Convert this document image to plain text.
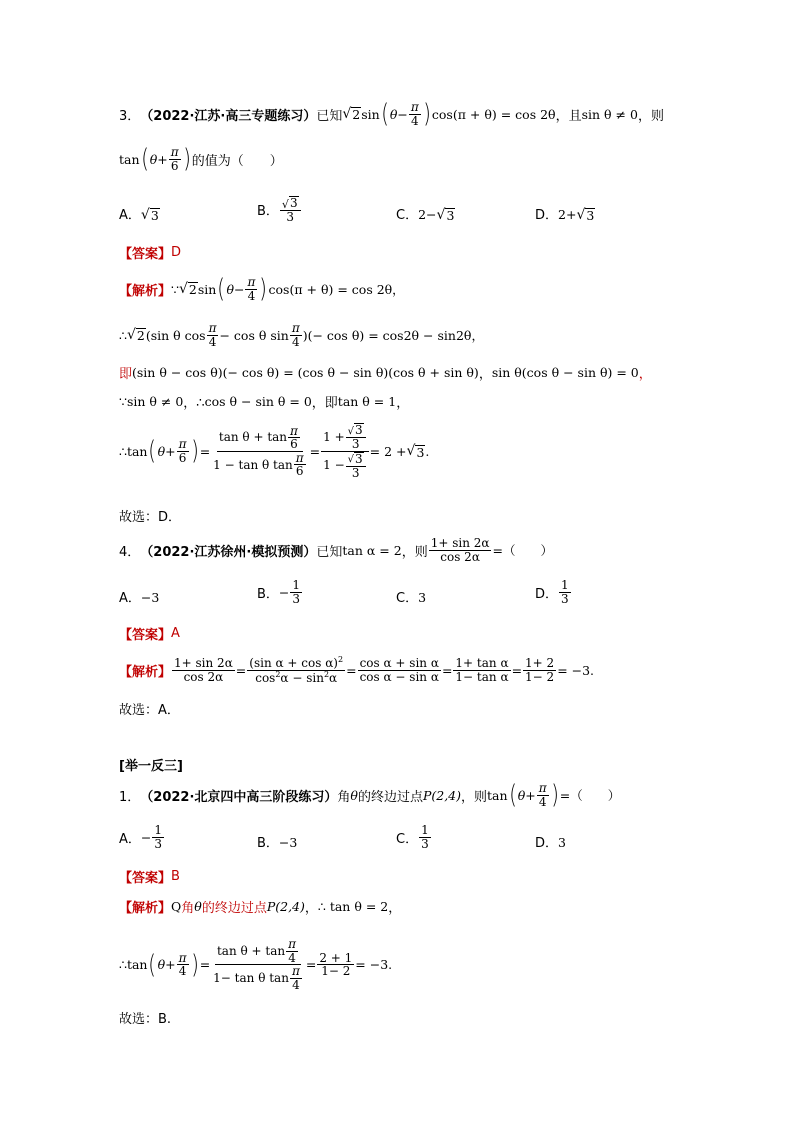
3． （2022·江苏·高三专题练习） 已知 √ 2 sin ( $\theta- \frac{\pi}{4}$ ) cos(π + θ) = cos 2θ ，且 sin θ ≠ 0 ，则
tan ( $\theta+ \frac{\pi}{6}$ ) 的值为（　　）
A． √ 3	B． $\frac{√ 3}{3}$	C．2− √ 3	D．2+ √ 3
【答案】 D
【解析】 ∵ √ 2 sin ( $\theta- \frac{\pi}{4}$ ) cos(π + θ) = cos 2θ，
∴ √ 2 (sin θ $\cos \frac{\pi}{4} - \cos \theta$ $\sin \frac{\pi}{4}$ )(− cos θ) = cos 2 θ − sin 2 θ，
即 (sin θ − cos θ)(− cos θ) = (cos θ − sin θ)(cos θ + sin θ) ， sin θ(cos θ − sin θ) = 0 ，
∵ sin θ ≠ 0 ，∴ cos θ − sin θ = 0 ，即 tan θ = 1 ，
∴ tan ( $\theta+ \frac{\pi}{6}$ ) = $\frac{\tan \theta + \tan \frac{\pi}{6}}{1 - \tan \theta \tan \frac{\pi}{6}} = \frac{1 + \frac{√ 3}{3}}{1 - \frac{√ 3}{3}} = 2$ + √ 3 .
故选：D．
4． （2022·江苏徐州·模拟预测） 已知 tan α = 2 ，则 $\frac{1+ \sin 2\alpha}{\cos 2\alpha}$ =（　　）
A．−3	B． − $\frac{1}{3}$	C．3	D． $\frac{1}{3}$
【答案】 A
【解析】 $\frac{1+ \sin 2\alpha}{\cos 2\alpha} = \frac{(\sin \alpha + \cos \alpha)^2}{\cos^2\alpha - \sin^2\alpha} = \frac{\text{cos α + sin α}}{\text{cos α − sin α}} = \frac{\text{1+ tan α}}{\text{1− tan α}} = \frac{1+ 2}{1- 2} = -3$.
故选：A．
[举一反三]
1． （2022·北京四中高三阶段练习） 角 θ 的终边过点 P(2,4) ，则 tan ( $\theta+ \frac{\pi}{4}$ ) =（　　）
A． − $\frac{1}{3}$	B．−3	C． $\frac{1}{3}$	D．3
【答案】 B
【解析】 Q 角 θ 的终边过点 P(2,4) ， ∴ tan θ = 2 ，
∴ tan ( $\theta+ \frac{\pi}{4}$ ) = $\frac{\tan \theta + \tan \frac{\pi}{4}}{1- \tan \theta \tan \frac{\pi}{4}} = \frac{2 + 1}{1- 2} = -3$.
故选：B.
